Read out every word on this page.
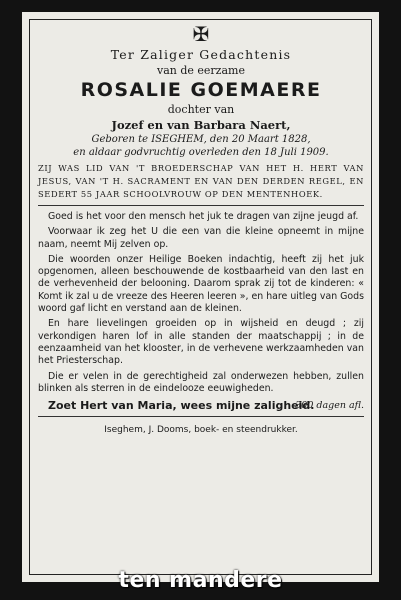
✠
Ter Zaliger Gedachtenis
van de eerzame
ROSALIE GOEMAERE
dochter van
Jozef en van Barbara Naert,
Geboren te ISEGHEM, den 20 Maart 1828,
en aldaar godvruchtig overleden den 18 Juli 1909.
ZIJ WAS LID VAN 'T BROEDERSCHAP VAN HET H. HERT VAN JESUS, VAN 'T H. SACRAMENT EN VAN DEN DERDEN REGEL, EN SEDERT 55 JAAR SCHOOLVROUW OP DEN MENTENHOEK.

Goed is het voor den mensch het juk te dragen van zijne jeugd af.

Voorwaar ik zeg het U die een van die kleine opneemt in mijne naam, neemt Mij zelven op.

Die woorden onzer Heilige Boeken indachtig, heeft zij het juk opgenomen, alleen beschouwende de kostbaarheid van den last en de verhevenheid der belooning. Daarom sprak zij tot de kinderen: « Komt ik zal u de vreeze des Heeren leeren », en hare uitleg van Gods woord gaf licht en verstand aan de kleinen.

En hare lievelingen groeiden op in wijsheid en deugd ; zij verkondigen haren lof in alle standen der maatschappij ; in de eenzaamheid van het klooster, in de verhevene werkzaamheden van het Priesterschap.

Die er velen in de gerechtigheid zal onderwezen hebben, zullen blinken als sterren in de eindelooze eeuwigheden.

Zoet Hert van Maria, wees mijne zaligheid.
300 dagen afl.
Iseghem, J. Dooms, boek- en steendrukker.
ten mandere
